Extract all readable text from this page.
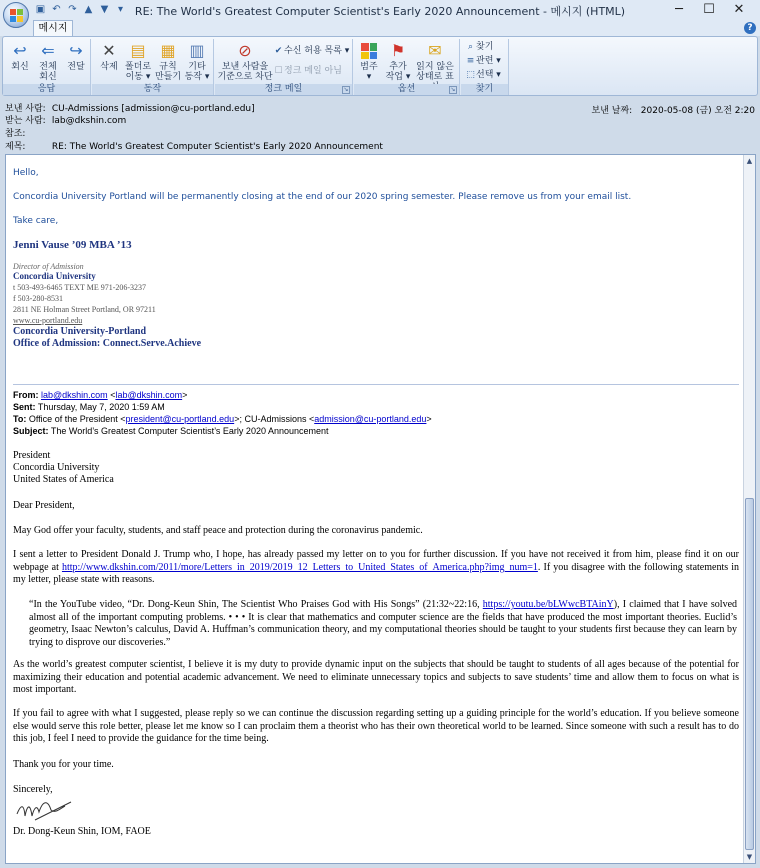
▣ ↶ ↷ ▲ ▼ ▾	RE: The World's Greatest Computer Scientist's Early 2020 Announcement - 메시지 (HTML)	─	☐	✕
메시지	?
↩
회신
⇐
전체
회신
↪
전달
응답
✕
삭제
▤
폴더로
이동 ▾
▦
규칙
만들기
▥
기타
동작 ▾
동작
⊘
보낸 사람을
기준으로 차단
✔ 수신 허용 목록 ▾
☐정크 메일 아님
정크 메일	↘
범주
▾
⚑
추가
작업 ▾
✉
읽지 않은
상태로 표
옵션	↘
⌕ 찾기
≡ 관련 ▾
⬚선택 ▾
찾기
보낸 사람: CU-Admissions [admission@cu-portland.edu]
받는 사람: lab@dkshin.com
참조:
제목:	RE: The World's Greatest Computer Scientist's Early 2020 Announcement
보낸 날짜: 2020-05-08 (금) 오전 2:20
Hello,
Concordia University Portland will be permanently closing at the end of our 2020 spring semester. Please remove us from your email list.
Take care,
Jenni Vause ’09 MBA ’13
Director of Admission
Concordia University
t 503-493-6465 TEXT ME 971-206-3237
f 503-280-8531
2811 NE Holman Street Portland, OR 97211
www.cu-portland.edu
Concordia University-Portland
Office of Admission: Connect.Serve.Achieve
From: lab@dkshin.com <lab@dkshin.com>
Sent: Thursday, May 7, 2020 1:59 AM
To: Office of the President <president@cu-portland.edu>; CU-Admissions <admission@cu-portland.edu>
Subject: The World’s Greatest Computer Scientist’s Early 2020 Announcement
President
Concordia University
United States of America
Dear President,
May God offer your faculty, students, and staff peace and protection during the coronavirus pandemic.
I sent a letter to President Donald J. Trump who, I hope, has already passed my letter on to you for further discussion. If you have not received it from him, please find it on our webpage at http://www.dkshin.com/2011/more/Letters_in_2019/2019_12_Letters_to_United_States_of_America.php?img_num=1. If you disagree with the following statements in my letter, please state with reasons.
“In the YouTube video, “Dr. Dong-Keun Shin, The Scientist Who Praises God with His Songs” (21:32~22:16, https://youtu.be/bLWwcBTAinY), I claimed that I have solved almost all of the important computing problems. • • • It is clear that mathematics and computer science are the fields that have produced the most important theories. Euclid’s geometry, Isaac Newton’s calculus, David A. Huffman’s communication theory, and my computational theories should be taught to your students first because they can learn by trying to disprove our discoveries.”
As the world’s greatest computer scientist, I believe it is my duty to provide dynamic input on the subjects that should be taught to students of all ages because of the potential for maximizing their education and potential academic advancement. We need to eliminate unnecessary topics and subjects to save students’ time and allow them to focus on what is most important.
If you fail to agree with what I suggested, please reply so we can continue the discussion regarding setting up a guiding principle for the world’s education. If you believe someone else would serve this role better, please let me know so I can proclaim them a theorist who has their own theoretical world to be learned. Since someone with such a result has to do this job, I feel I need to provide the guidance for the time being.
Thank you for your time.
Sincerely,
Dr. Dong-Keun Shin, IOM, FAOE
▲
▼
